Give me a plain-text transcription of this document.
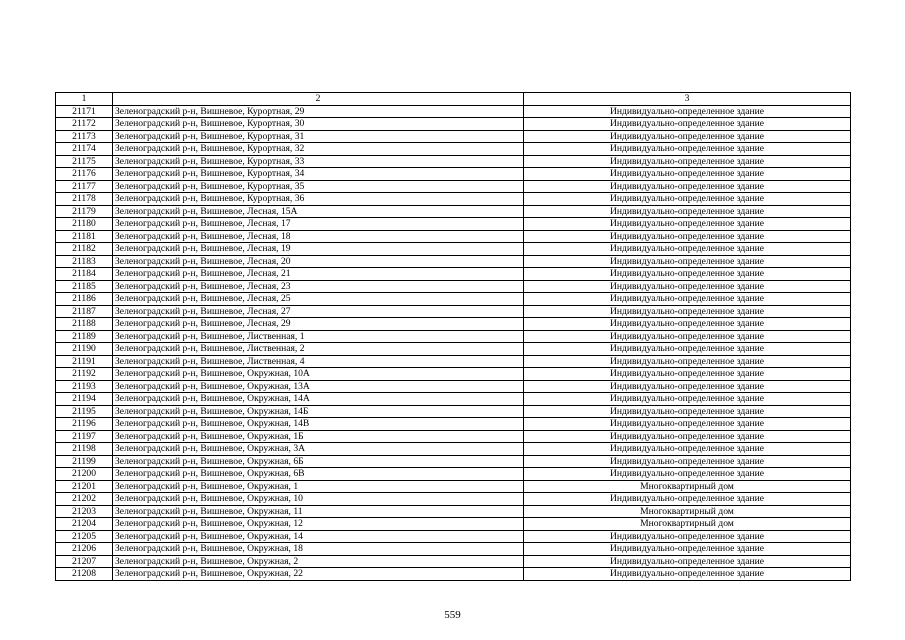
1	2	3
21171	Зеленоградский р-н, Вишневое, Курортная, 29	Индивидуально-определенное здание
21172	Зеленоградский р-н, Вишневое, Курортная, 30	Индивидуально-определенное здание
21173	Зеленоградский р-н, Вишневое, Курортная, 31	Индивидуально-определенное здание
21174	Зеленоградский р-н, Вишневое, Курортная, 32	Индивидуально-определенное здание
21175	Зеленоградский р-н, Вишневое, Курортная, 33	Индивидуально-определенное здание
21176	Зеленоградский р-н, Вишневое, Курортная, 34	Индивидуально-определенное здание
21177	Зеленоградский р-н, Вишневое, Курортная, 35	Индивидуально-определенное здание
21178	Зеленоградский р-н, Вишневое, Курортная, 36	Индивидуально-определенное здание
21179	Зеленоградский р-н, Вишневое, Лесная, 15А	Индивидуально-определенное здание
21180	Зеленоградский р-н, Вишневое, Лесная, 17	Индивидуально-определенное здание
21181	Зеленоградский р-н, Вишневое, Лесная, 18	Индивидуально-определенное здание
21182	Зеленоградский р-н, Вишневое, Лесная, 19	Индивидуально-определенное здание
21183	Зеленоградский р-н, Вишневое, Лесная, 20	Индивидуально-определенное здание
21184	Зеленоградский р-н, Вишневое, Лесная, 21	Индивидуально-определенное здание
21185	Зеленоградский р-н, Вишневое, Лесная, 23	Индивидуально-определенное здание
21186	Зеленоградский р-н, Вишневое, Лесная, 25	Индивидуально-определенное здание
21187	Зеленоградский р-н, Вишневое, Лесная, 27	Индивидуально-определенное здание
21188	Зеленоградский р-н, Вишневое, Лесная, 29	Индивидуально-определенное здание
21189	Зеленоградский р-н, Вишневое, Лиственная, 1	Индивидуально-определенное здание
21190	Зеленоградский р-н, Вишневое, Лиственная, 2	Индивидуально-определенное здание
21191	Зеленоградский р-н, Вишневое, Лиственная, 4	Индивидуально-определенное здание
21192	Зеленоградский р-н, Вишневое, Окружная, 10А	Индивидуально-определенное здание
21193	Зеленоградский р-н, Вишневое, Окружная, 13А	Индивидуально-определенное здание
21194	Зеленоградский р-н, Вишневое, Окружная, 14А	Индивидуально-определенное здание
21195	Зеленоградский р-н, Вишневое, Окружная, 14Б	Индивидуально-определенное здание
21196	Зеленоградский р-н, Вишневое, Окружная, 14В	Индивидуально-определенное здание
21197	Зеленоградский р-н, Вишневое, Окружная, 1Б	Индивидуально-определенное здание
21198	Зеленоградский р-н, Вишневое, Окружная, 3А	Индивидуально-определенное здание
21199	Зеленоградский р-н, Вишневое, Окружная, 6Б	Индивидуально-определенное здание
21200	Зеленоградский р-н, Вишневое, Окружная, 6В	Индивидуально-определенное здание
21201	Зеленоградский р-н, Вишневое, Окружная, 1	Многоквартирный дом
21202	Зеленоградский р-н, Вишневое, Окружная, 10	Индивидуально-определенное здание
21203	Зеленоградский р-н, Вишневое, Окружная, 11	Многоквартирный дом
21204	Зеленоградский р-н, Вишневое, Окружная, 12	Многоквартирный дом
21205	Зеленоградский р-н, Вишневое, Окружная, 14	Индивидуально-определенное здание
21206	Зеленоградский р-н, Вишневое, Окружная, 18	Индивидуально-определенное здание
21207	Зеленоградский р-н, Вишневое, Окружная, 2	Индивидуально-определенное здание
21208	Зеленоградский р-н, Вишневое, Окружная, 22	Индивидуально-определенное здание
559
